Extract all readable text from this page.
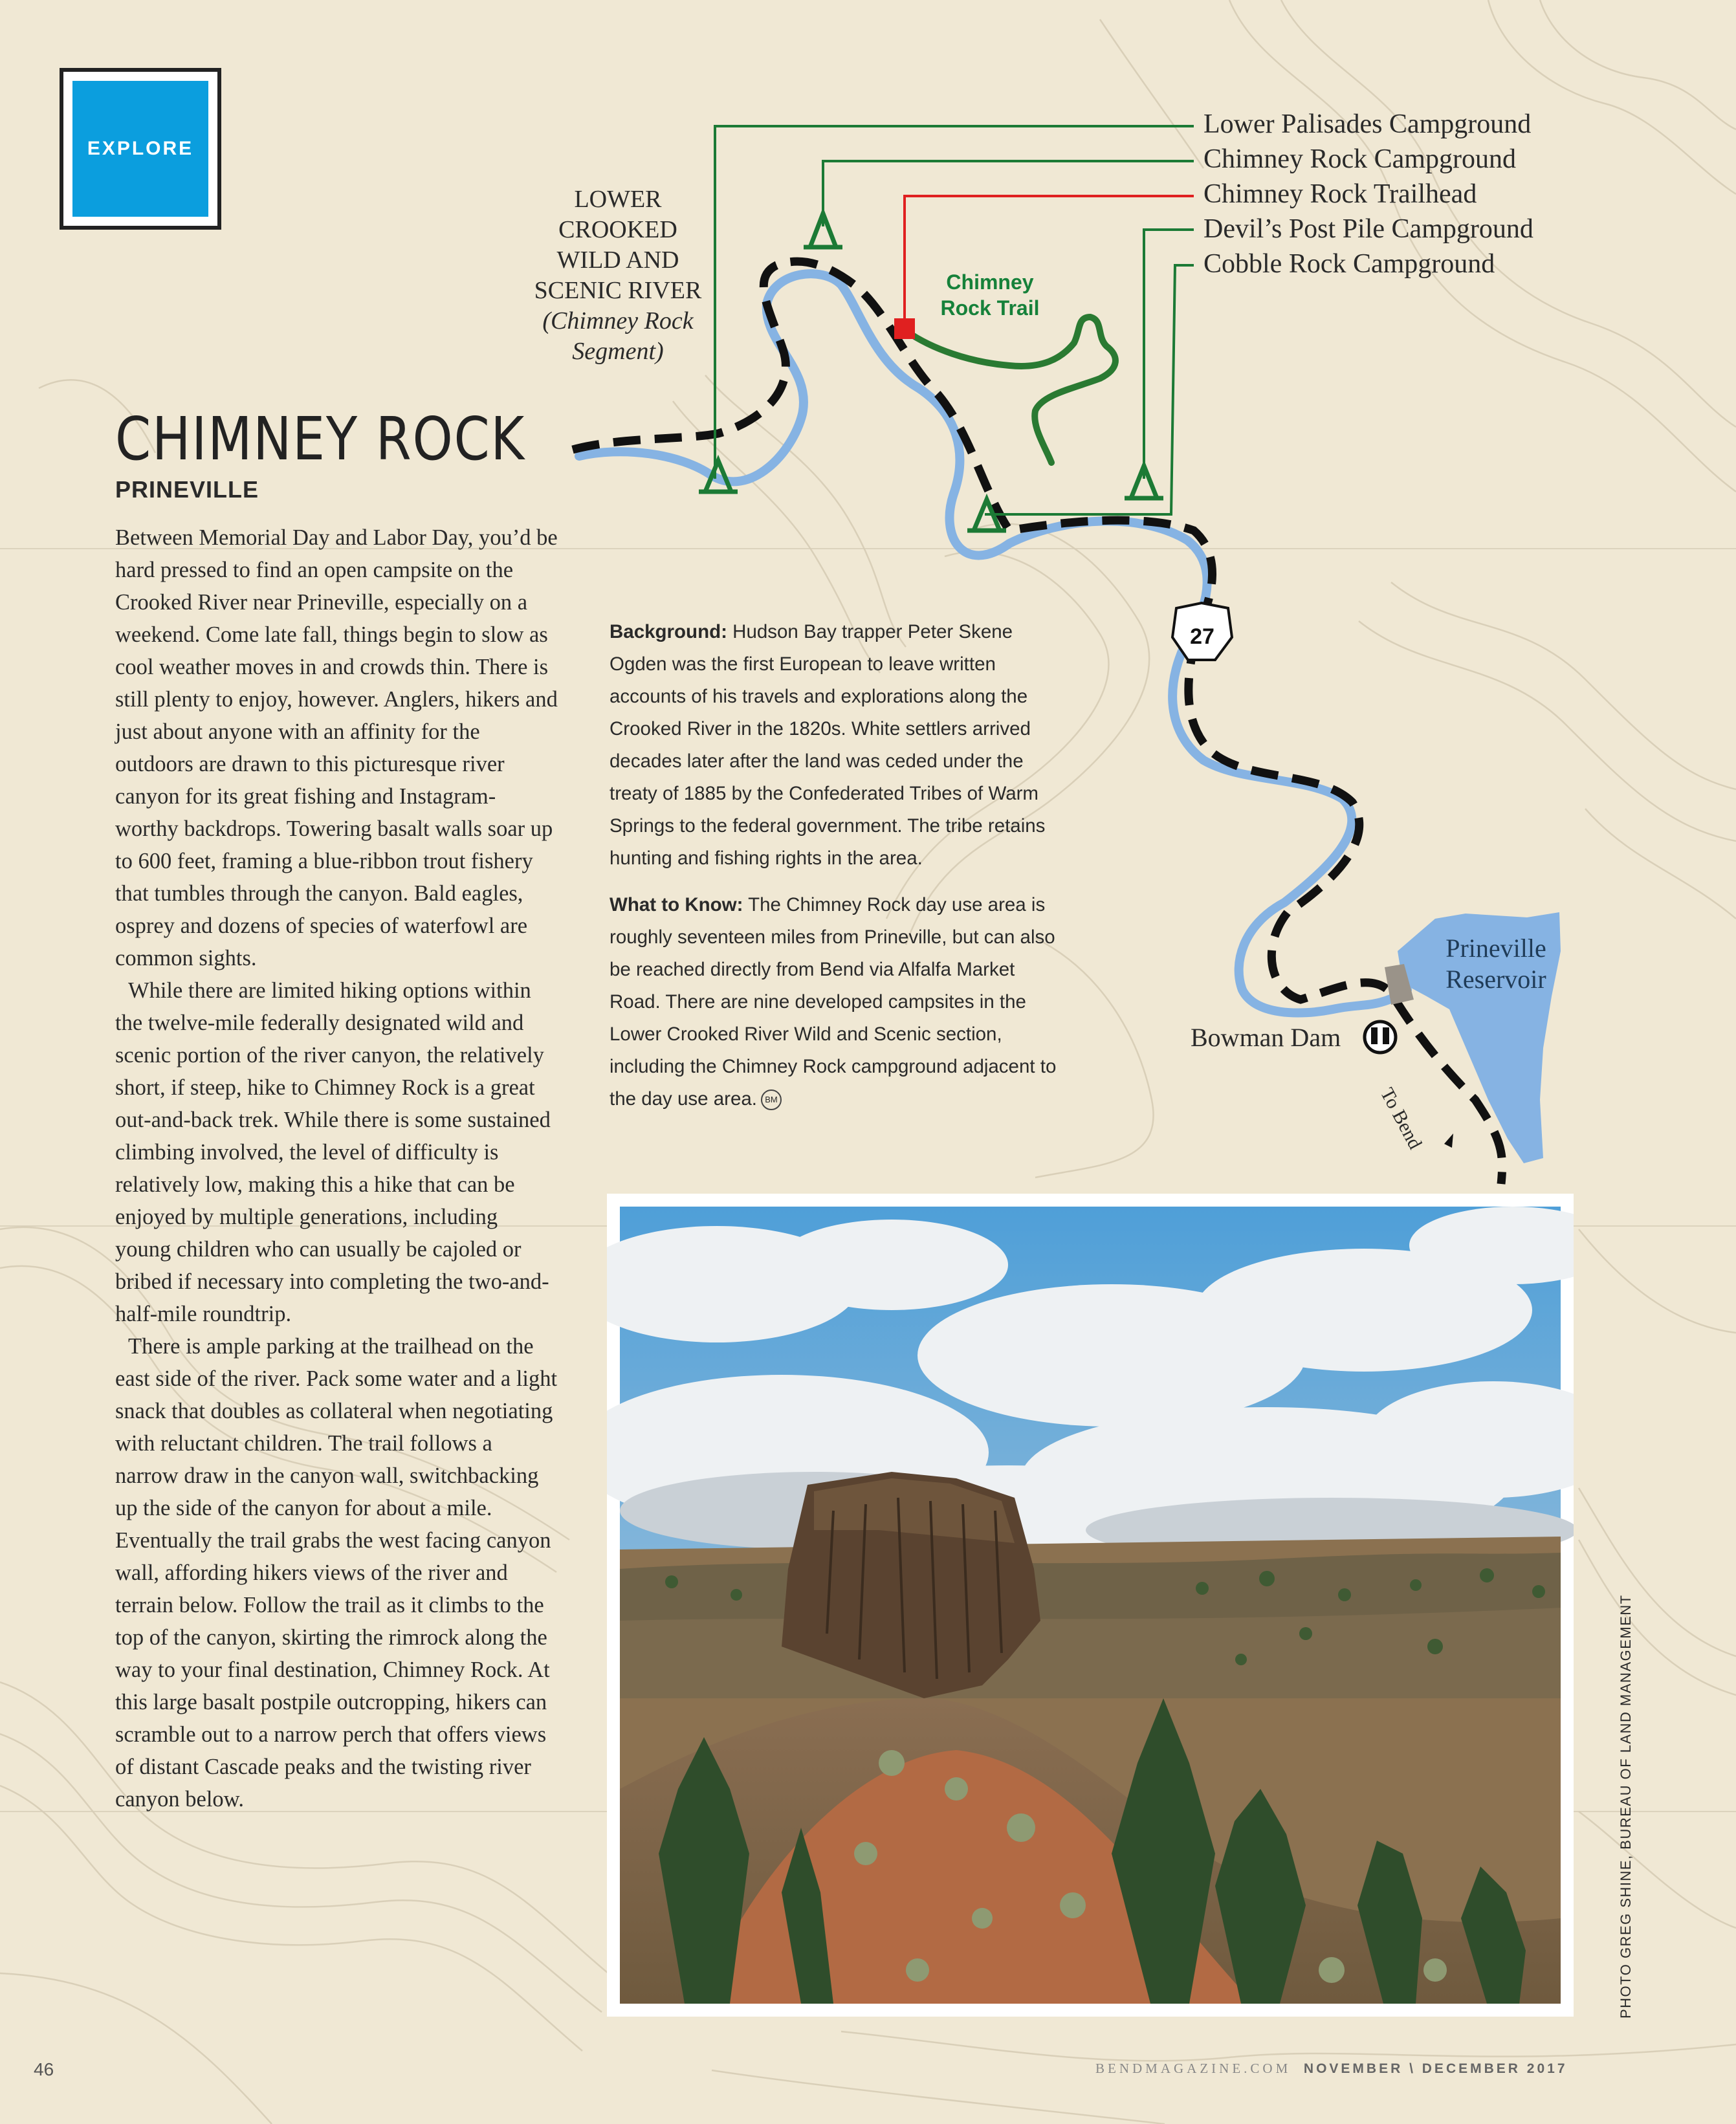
27
EXPLORE
LOWER
CROOKED
WILD AND
SCENIC RIVER
(Chimney Rock
Segment)
Lower Palisades Campground
Chimney Rock Campground
Chimney Rock Trailhead
Devil’s Post Pile Campground
Cobble Rock Campground
Chimney
Rock Trail
Prineville
Reservoir
Bowman Dam
To Bend
CHIMNEY ROCK
PRINEVILLE

Between Memorial Day and Labor Day, you’d be hard pressed to find an open campsite on the Crooked River near Prineville, especially on a weekend. Come late fall, things begin to slow as cool weather moves in and crowds thin. There is still plenty to enjoy, however. Anglers, hikers and just about anyone with an affinity for the outdoors are drawn to this picturesque river canyon for its great fishing and Instagram-worthy backdrops. Towering basalt walls soar up to 600 feet, framing a blue-ribbon trout fishery that tumbles through the canyon. Bald eagles, osprey and dozens of species of waterfowl are common sights.

While there are limited hiking options within the twelve-mile federally designated wild and scenic portion of the river canyon, the relatively short, if steep, hike to Chimney Rock is a great out-and-back trek. While there is some sustained climbing involved, the level of difficulty is relatively low, making this a hike that can be enjoyed by multiple generations, including young children who can usually be cajoled or bribed if necessary into completing the two-and-half-mile roundtrip.

There is ample parking at the trailhead on the east side of the river. Pack some water and a light snack that doubles as collateral when negotiating with reluctant children. The trail follows a narrow draw in the canyon wall, switchbacking up the side of the canyon for about a mile. Eventually the trail grabs the west facing canyon wall, affording hikers views of the river and terrain below. Follow the trail as it climbs to the top of the canyon, skirting the rimrock along the way to your final destination, Chimney Rock. At this large basalt postpile outcropping, hikers can scramble out to a narrow perch that offers views of distant Cascade peaks and the twisting river canyon below.

Background: Hudson Bay trapper Peter Skene Ogden was the first European to leave written accounts of his travels and explorations along the Crooked River in the 1820s. White settlers arrived decades later after the land was ceded under the treaty of 1885 by the Confederated Tribes of Warm Springs to the federal government. The tribe retains hunting and fishing rights in the area.

What to Know: The Chimney Rock day use area is roughly seventeen miles from Prineville, but can also be reached directly from Bend via Alfalfa Market Road. There are nine developed campsites in the Lower Crooked River Wild and Scenic section, including the Chimney Rock campground adjacent to the day use area. BM

PHOTO GREG SHINE, BUREAU OF LAND MANAGEMENT
46	BENDMAGAZINE.COM NOVEMBER \ DECEMBER 2017
